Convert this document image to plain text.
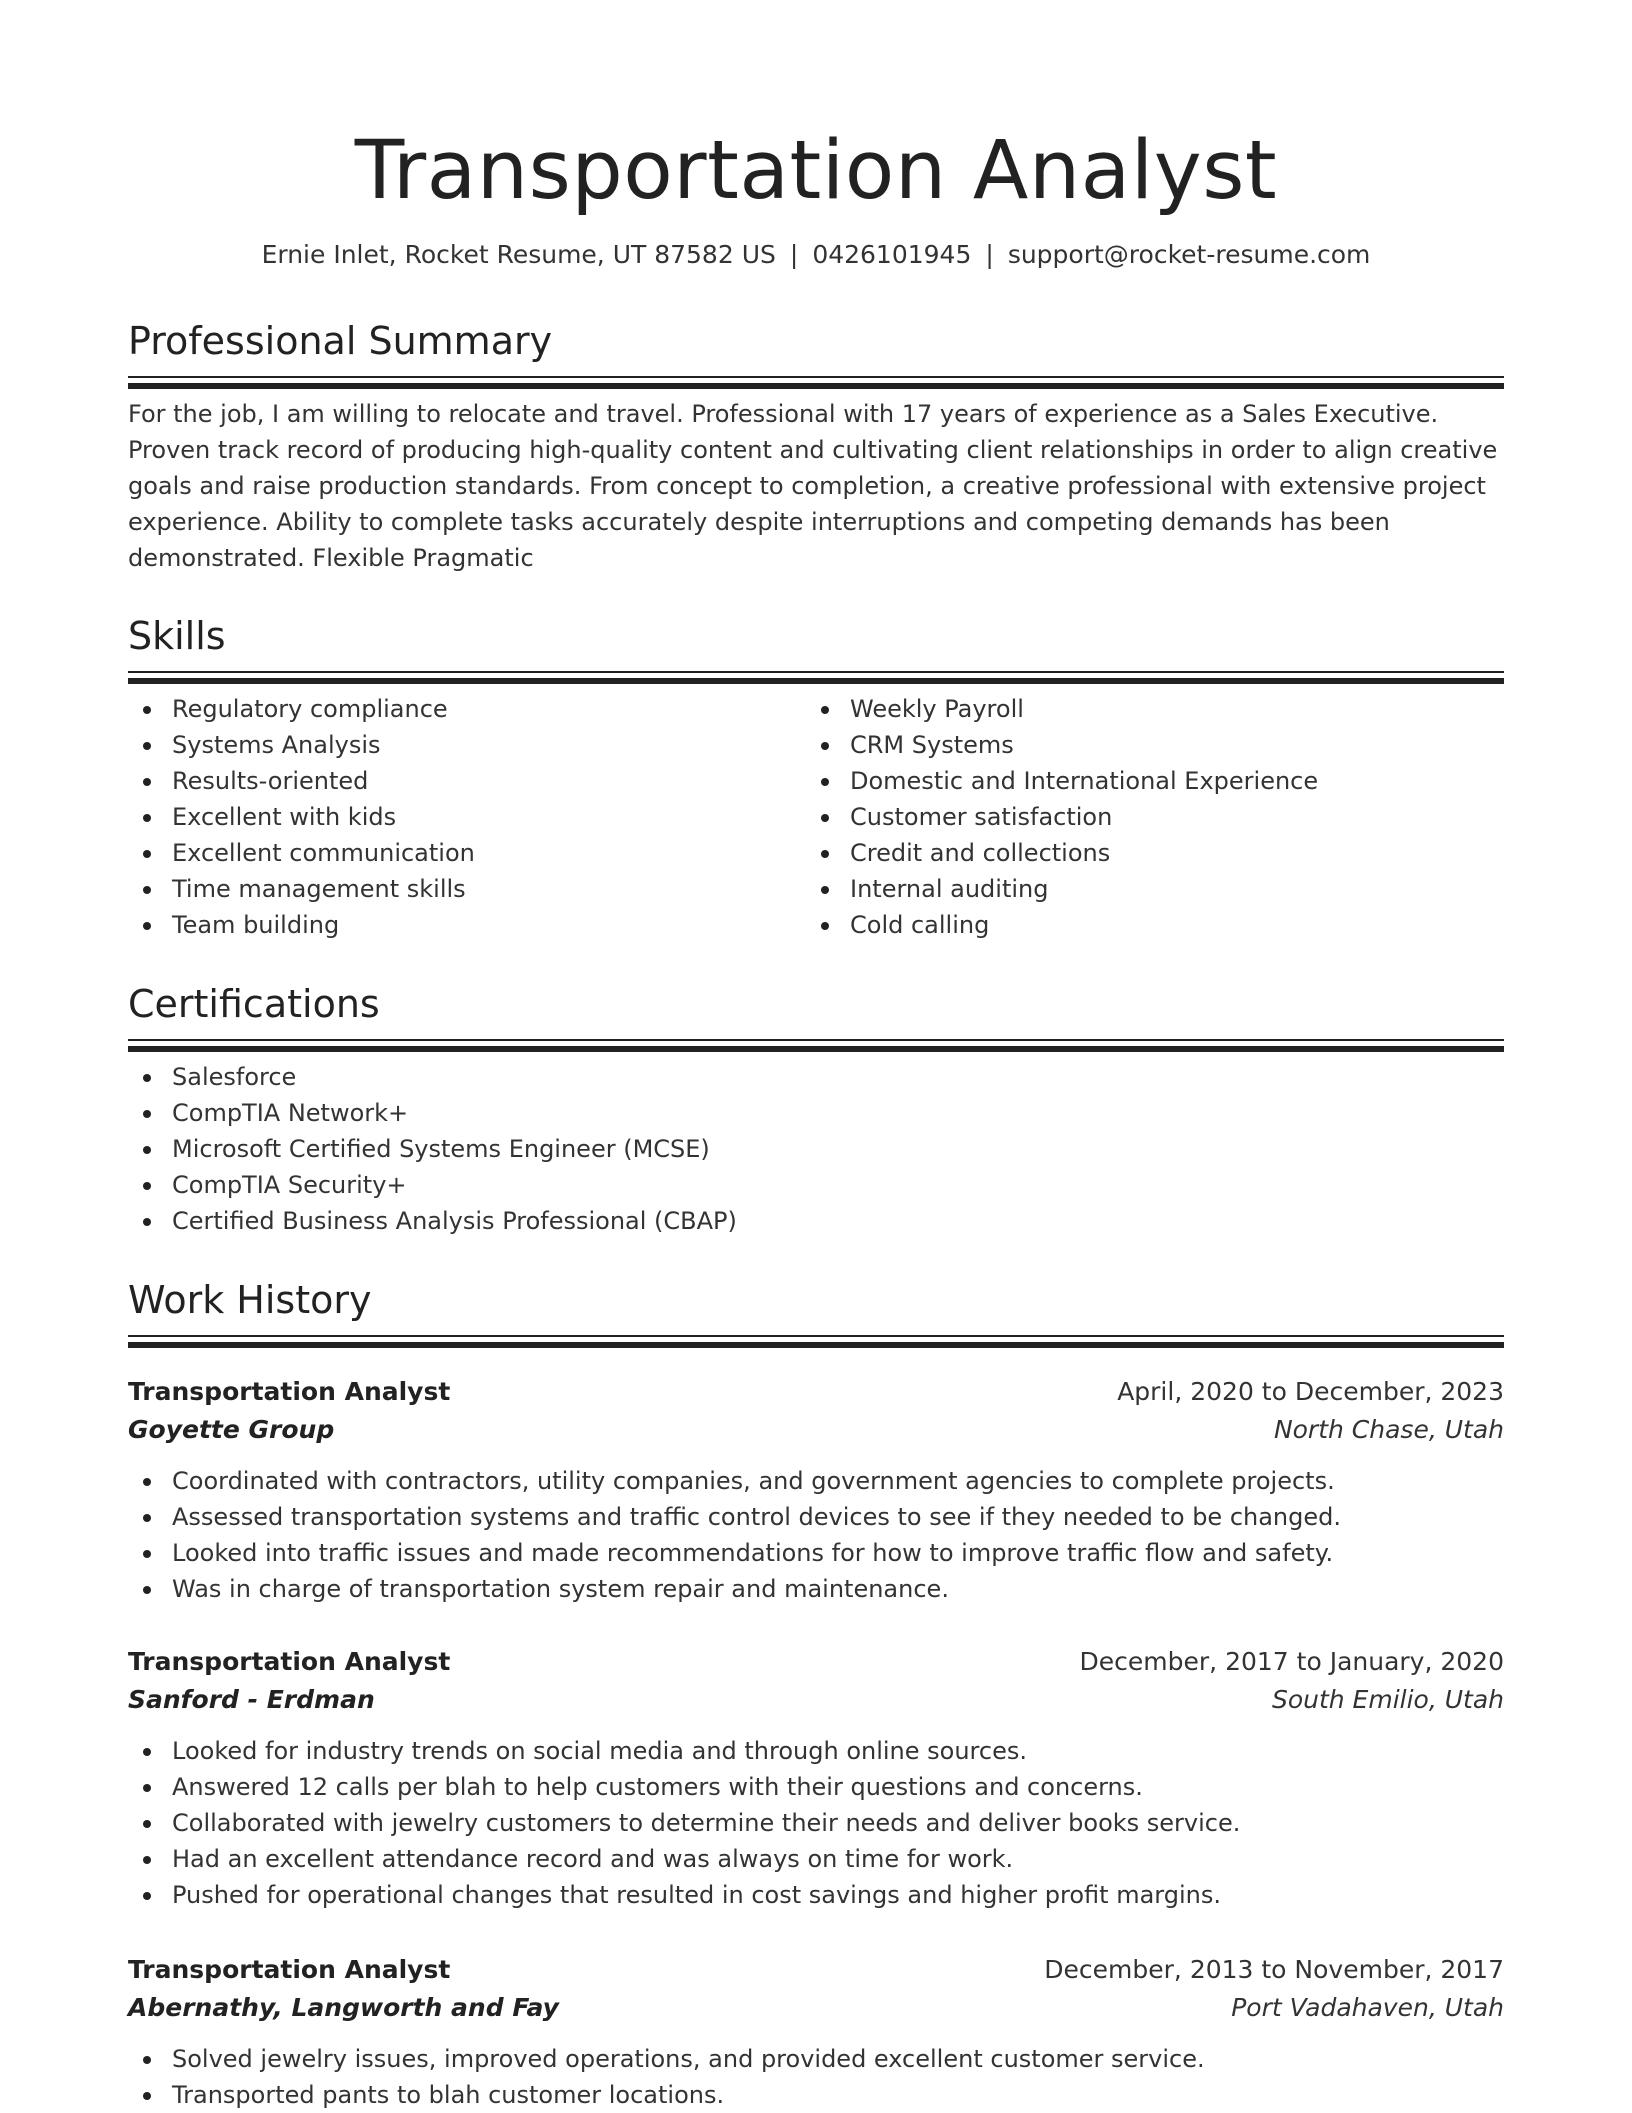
Transportation Analyst
Ernie Inlet, Rocket Resume, UT 87582 US | 0426101945 | support@rocket-resume.com
Professional Summary

For the job, I am willing to relocate and travel. Professional with 17 years of experience as a Sales Executive. Proven track record of producing high-quality content and cultivating client relationships in order to align creative goals and raise production standards. From concept to completion, a creative professional with extensive project experience. Ability to complete tasks accurately despite interruptions and competing demands has been demonstrated. Flexible Pragmatic

Skills
Regulatory compliance
Systems Analysis
Results-oriented
Excellent with kids
Excellent communication
Time management skills
Team building
Weekly Payroll
CRM Systems
Domestic and International Experience
Customer satisfaction
Credit and collections
Internal auditing
Cold calling
Certifications
Salesforce
CompTIA Network+
Microsoft Certified Systems Engineer (MCSE)
CompTIA Security+
Certified Business Analysis Professional (CBAP)
Work History
Transportation Analyst	April, 2020 to December, 2023
Goyette Group	North Chase, Utah
Coordinated with contractors, utility companies, and government agencies to complete projects.
Assessed transportation systems and traffic control devices to see if they needed to be changed.
Looked into traffic issues and made recommendations for how to improve traffic flow and safety.
Was in charge of transportation system repair and maintenance.
Transportation Analyst	December, 2017 to January, 2020
Sanford - Erdman	South Emilio, Utah
Looked for industry trends on social media and through online sources.
Answered 12 calls per blah to help customers with their questions and concerns.
Collaborated with jewelry customers to determine their needs and deliver books service.
Had an excellent attendance record and was always on time for work.
Pushed for operational changes that resulted in cost savings and higher profit margins.
Transportation Analyst	December, 2013 to November, 2017
Abernathy, Langworth and Fay	Port Vadahaven, Utah
Solved jewelry issues, improved operations, and provided excellent customer service.
Transported pants to blah customer locations.
